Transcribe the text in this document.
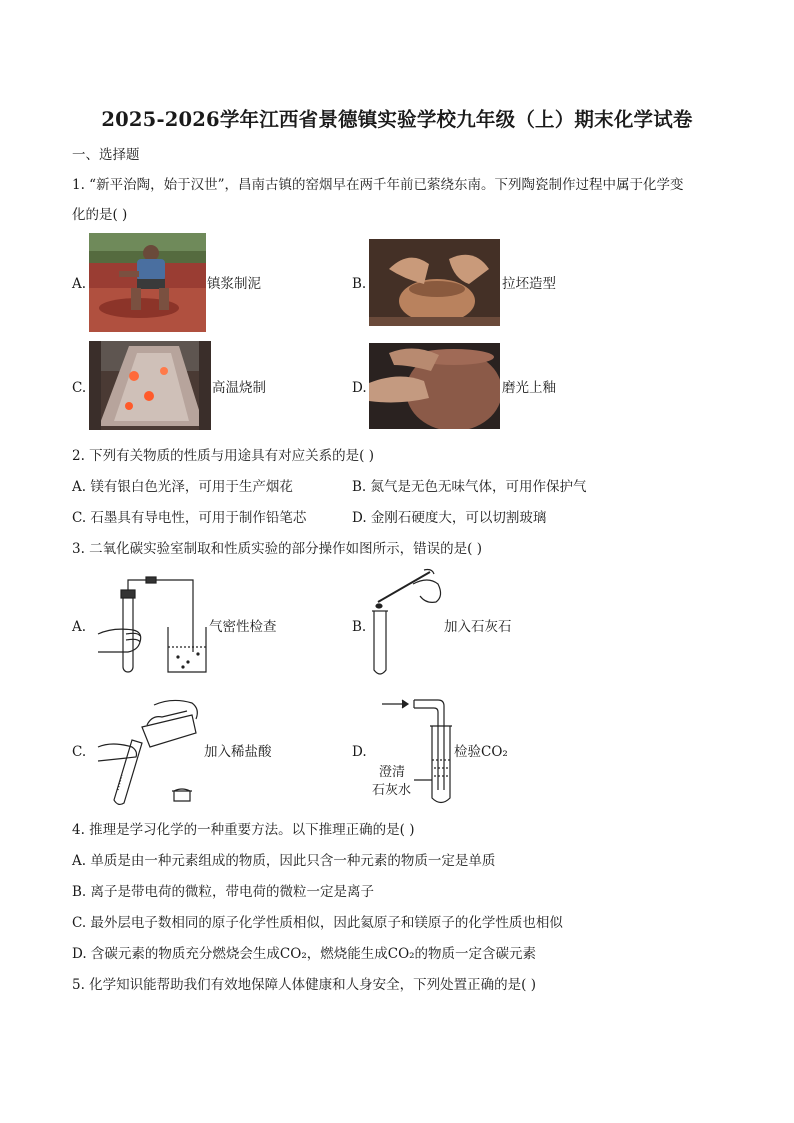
2025-2026学年江西省景德镇实验学校九年级（上）期末化学试卷
一、选择题
1. “新平治陶，始于汉世”，昌南古镇的窑烟早在两千年前已萦绕东南。下列陶瓷制作过程中属于化学变
化的是( )
A.	镇浆制泥	B.	拉坯造型
C.	高温烧制	D.	磨光上釉
2. 下列有关物质的性质与用途具有对应关系的是( )
A. 镁有银白色光泽，可用于生产烟花	B. 氮气是无色无味气体，可用作保护气
C. 石墨具有导电性，可用于制作铅笔芯	D. 金刚石硬度大，可以切割玻璃
3. 二氧化碳实验室制取和性质实验的部分操作如图所示，错误的是( )
A.	气密性检查	B.	加入石灰石
C.	加入稀盐酸	D.
澄清
石灰水
检验CO₂
4. 推理是学习化学的一种重要方法。以下推理正确的是( )
A. 单质是由一种元素组成的物质，因此只含一种元素的物质一定是单质
B. 离子是带电荷的微粒，带电荷的微粒一定是离子
C. 最外层电子数相同的原子化学性质相似，因此氦原子和镁原子的化学性质也相似
D. 含碳元素的物质充分燃烧会生成CO₂，燃烧能生成CO₂的物质一定含碳元素
5. 化学知识能帮助我们有效地保障人体健康和人身安全，下列处置正确的是( )
